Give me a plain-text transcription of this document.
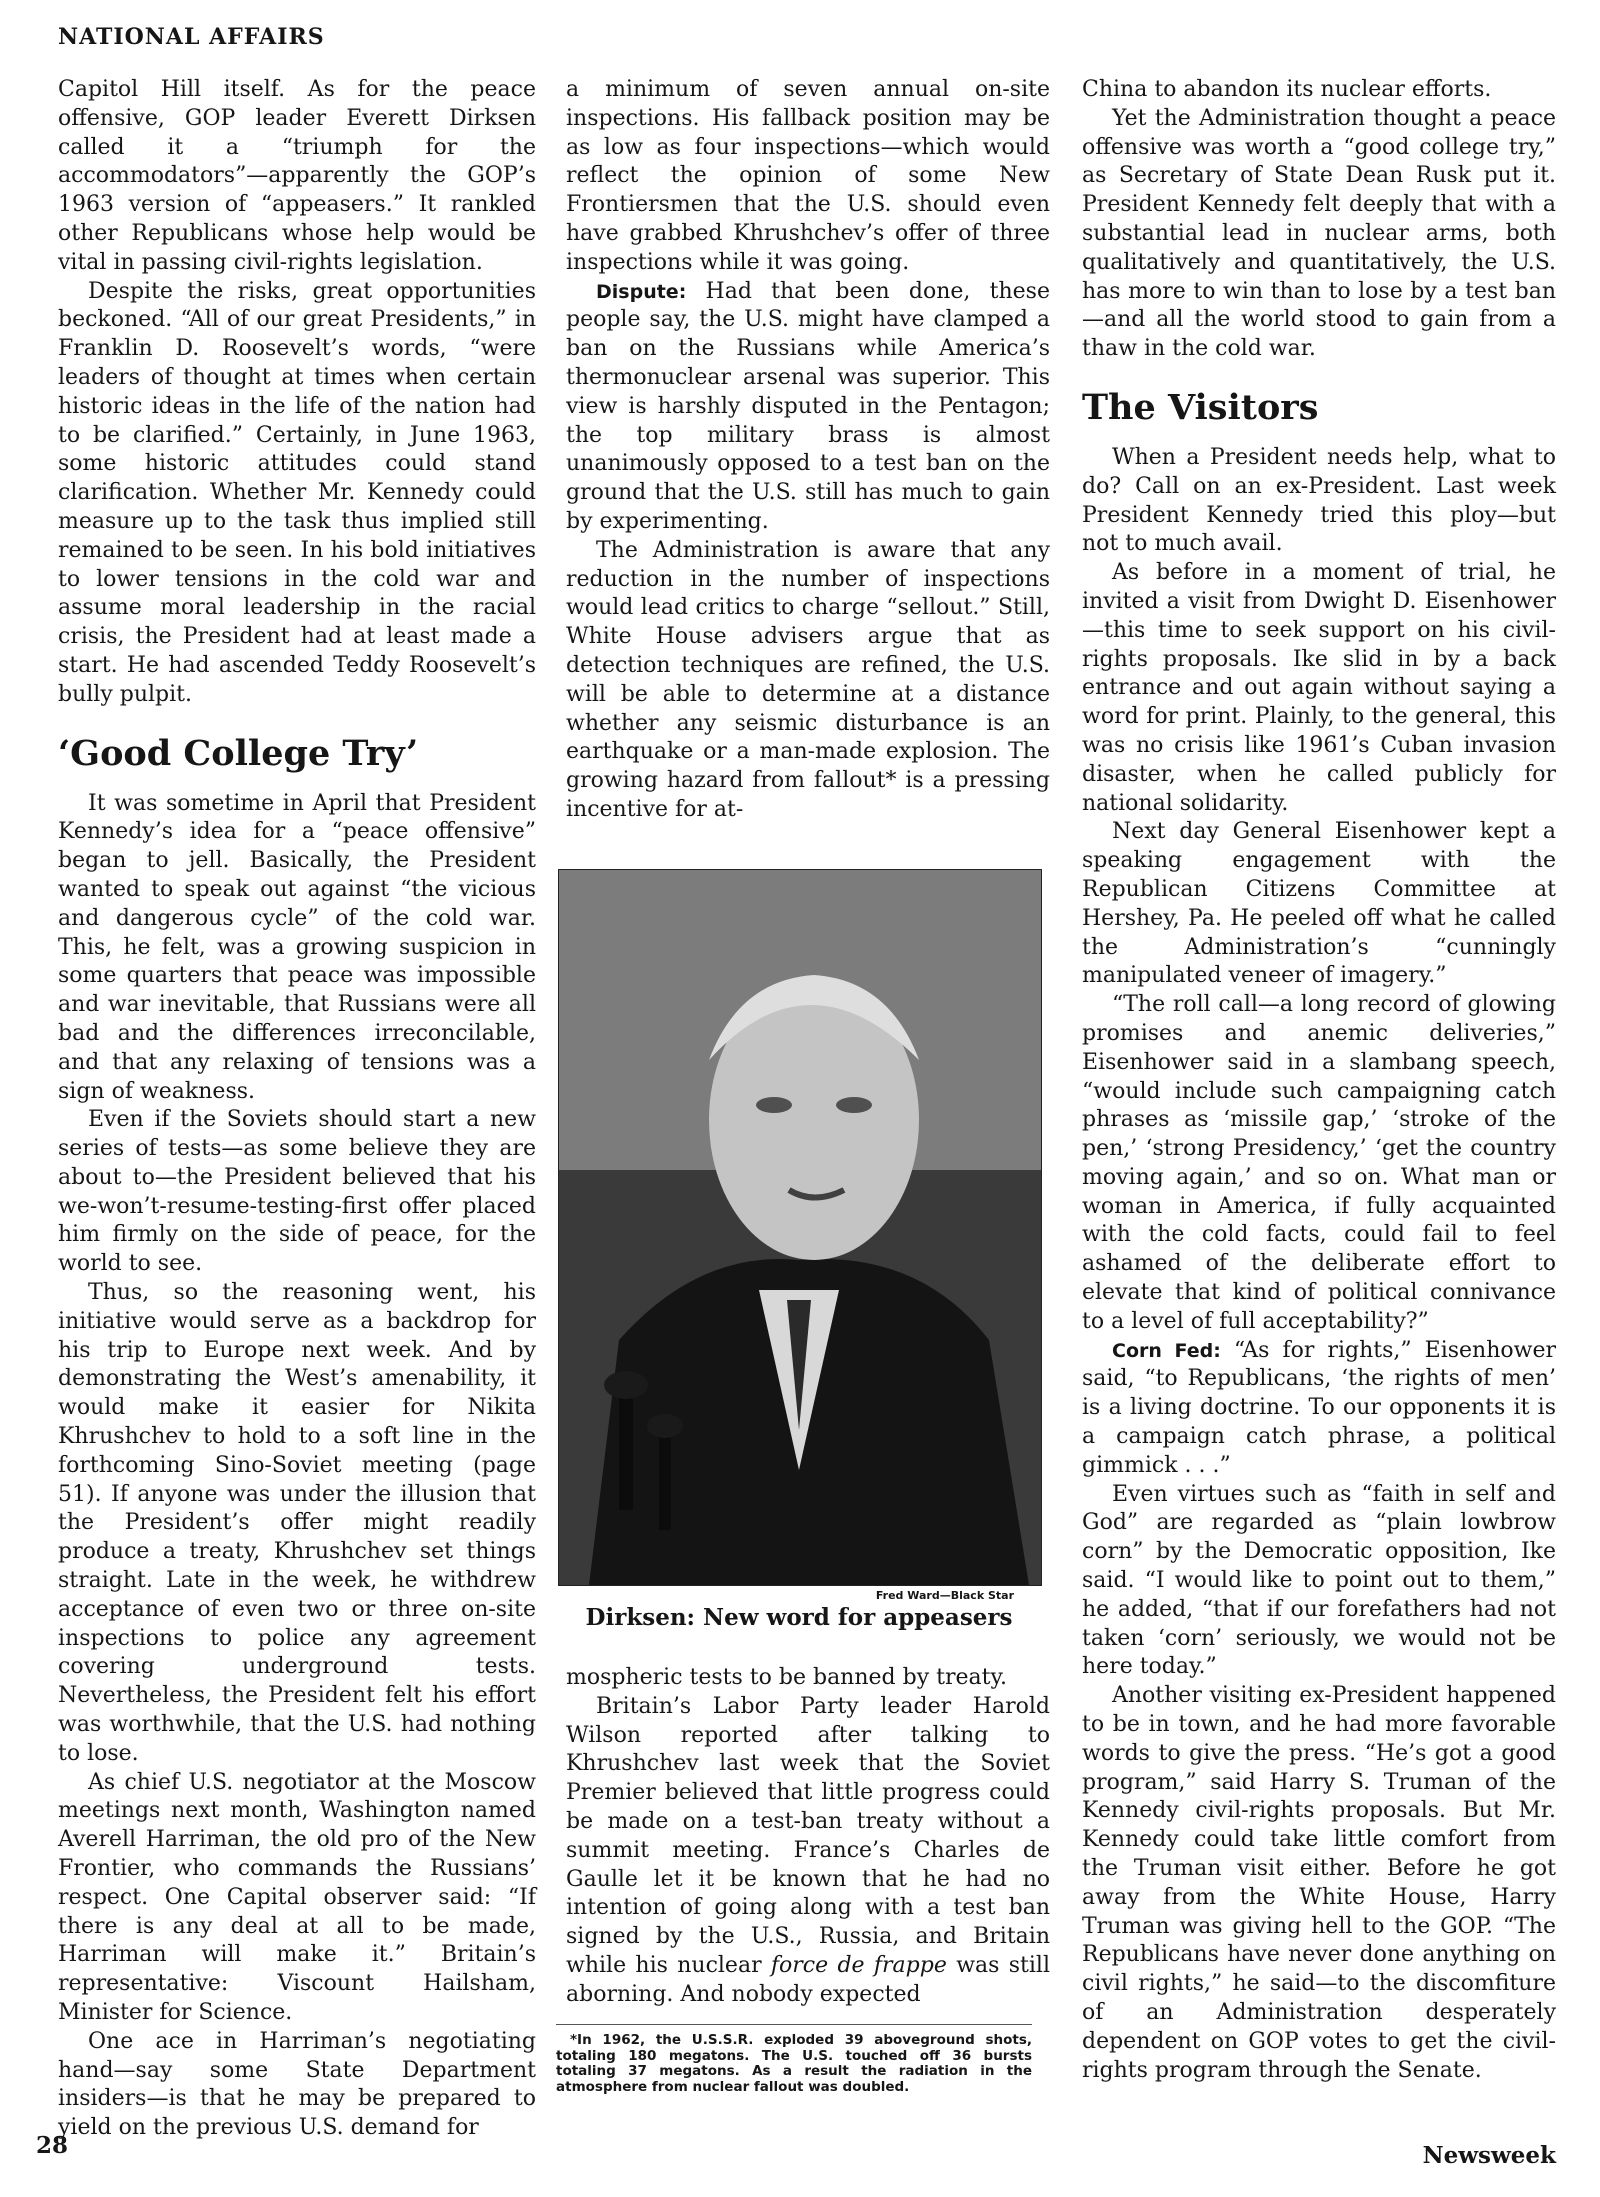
NATIONAL AFFAIRS

Capitol Hill itself. As for the peace offensive, GOP leader Everett Dirksen called it a “triumph for the accommodators”—apparently the GOP’s 1963 version of “appeasers.” It rankled other Republicans whose help would be vital in passing civil-rights legislation.

Despite the risks, great opportunities beckoned. “All of our great Presidents,” in Franklin D. Roosevelt’s words, “were leaders of thought at times when certain historic ideas in the life of the nation had to be clarified.” Certainly, in June 1963, some historic attitudes could stand clarification. Whether Mr. Kennedy could measure up to the task thus implied still remained to be seen. In his bold initiatives to lower tensions in the cold war and assume moral leadership in the racial crisis, the President had at least made a start. He had ascended Teddy Roosevelt’s bully pulpit.

‘Good College Try’

It was sometime in April that President Kennedy’s idea for a “peace offensive” began to jell. Basically, the President wanted to speak out against “the vicious and dangerous cycle” of the cold war. This, he felt, was a growing suspicion in some quarters that peace was impossible and war inevitable, that Russians were all bad and the differences irreconcilable, and that any relaxing of tensions was a sign of weakness.

Even if the Soviets should start a new series of tests—as some believe they are about to—the President believed that his we-won’t-resume-testing-first offer placed him firmly on the side of peace, for the world to see.

Thus, so the reasoning went, his initiative would serve as a backdrop for his trip to Europe next week. And by demonstrating the West’s amenability, it would make it easier for Nikita Khrushchev to hold to a soft line in the forthcoming Sino-Soviet meeting (page 51). If anyone was under the illusion that the President’s offer might readily produce a treaty, Khrushchev set things straight. Late in the week, he withdrew acceptance of even two or three on-site inspections to police any agreement covering underground tests. Nevertheless, the President felt his effort was worthwhile, that the U.S. had nothing to lose.

As chief U.S. negotiator at the Moscow meetings next month, Washington named Averell Harriman, the old pro of the New Frontier, who commands the Russians’ respect. One Capital observer said: “If there is any deal at all to be made, Harriman will make it.” Britain’s representative: Viscount Hailsham, Minister for Science.

One ace in Harriman’s negotiating hand—say some State Department insiders—is that he may be prepared to yield on the previous U.S. demand for

a minimum of seven annual on-site inspections. His fallback position may be as low as four inspections—which would reflect the opinion of some New Frontiersmen that the U.S. should even have grabbed Khrushchev’s offer of three inspections while it was going.

Dispute: Had that been done, these people say, the U.S. might have clamped a ban on the Russians while America’s thermonuclear arsenal was superior. This view is harshly disputed in the Pentagon; the top military brass is almost unanimously opposed to a test ban on the ground that the U.S. still has much to gain by experimenting.

The Administration is aware that any reduction in the number of inspections would lead critics to charge “sellout.” Still, White House advisers argue that as detection techniques are refined, the U.S. will be able to determine at a distance whether any seismic disturbance is an earthquake or a man-made explosion. The growing hazard from fallout* is a pressing incentive for at-

Fred Ward—Black Star
Dirksen: New word for appeasers

mospheric tests to be banned by treaty.

Britain’s Labor Party leader Harold Wilson reported after talking to Khrushchev last week that the Soviet Premier believed that little progress could be made on a test-ban treaty without a summit meeting. France’s Charles de Gaulle let it be known that he had no intention of going along with a test ban signed by the U.S., Russia, and Britain while his nuclear force de frappe was still aborning. And nobody expected

*In 1962, the U.S.S.R. exploded 39 aboveground shots, totaling 180 megatons. The U.S. touched off 36 bursts totaling 37 megatons. As a result the radiation in the atmosphere from nuclear fallout was doubled.

China to abandon its nuclear efforts.

Yet the Administration thought a peace offensive was worth a “good college try,” as Secretary of State Dean Rusk put it. President Kennedy felt deeply that with a substantial lead in nuclear arms, both qualitatively and quantitatively, the U.S. has more to win than to lose by a test ban—and all the world stood to gain from a thaw in the cold war.

The Visitors

When a President needs help, what to do? Call on an ex-President. Last week President Kennedy tried this ploy—but not to much avail.

As before in a moment of trial, he invited a visit from Dwight D. Eisenhower—this time to seek support on his civil-rights proposals. Ike slid in by a back entrance and out again without saying a word for print. Plainly, to the general, this was no crisis like 1961’s Cuban invasion disaster, when he called publicly for national solidarity.

Next day General Eisenhower kept a speaking engagement with the Republican Citizens Committee at Hershey, Pa. He peeled off what he called the Administration’s “cunningly manipulated veneer of imagery.”

“The roll call—a long record of glowing promises and anemic deliveries,” Eisenhower said in a slambang speech, “would include such campaigning catch phrases as ‘missile gap,’ ‘stroke of the pen,’ ‘strong Presidency,’ ‘get the country moving again,’ and so on. What man or woman in America, if fully acquainted with the cold facts, could fail to feel ashamed of the deliberate effort to elevate that kind of political connivance to a level of full acceptability?”

Corn Fed: “As for rights,” Eisenhower said, “to Republicans, ‘the rights of men’ is a living doctrine. To our opponents it is a campaign catch phrase, a political gimmick . . .”

Even virtues such as “faith in self and God” are regarded as “plain lowbrow corn” by the Democratic opposition, Ike said. “I would like to point out to them,” he added, “that if our forefathers had not taken ‘corn’ seriously, we would not be here today.”

Another visiting ex-President happened to be in town, and he had more favorable words to give the press. “He’s got a good program,” said Harry S. Truman of the Kennedy civil-rights proposals. But Mr. Kennedy could take little comfort from the Truman visit either. Before he got away from the White House, Harry Truman was giving hell to the GOP. “The Republicans have never done anything on civil rights,” he said—to the discomfiture of an Administration desperately dependent on GOP votes to get the civil-rights program through the Senate.

28	Newsweek
